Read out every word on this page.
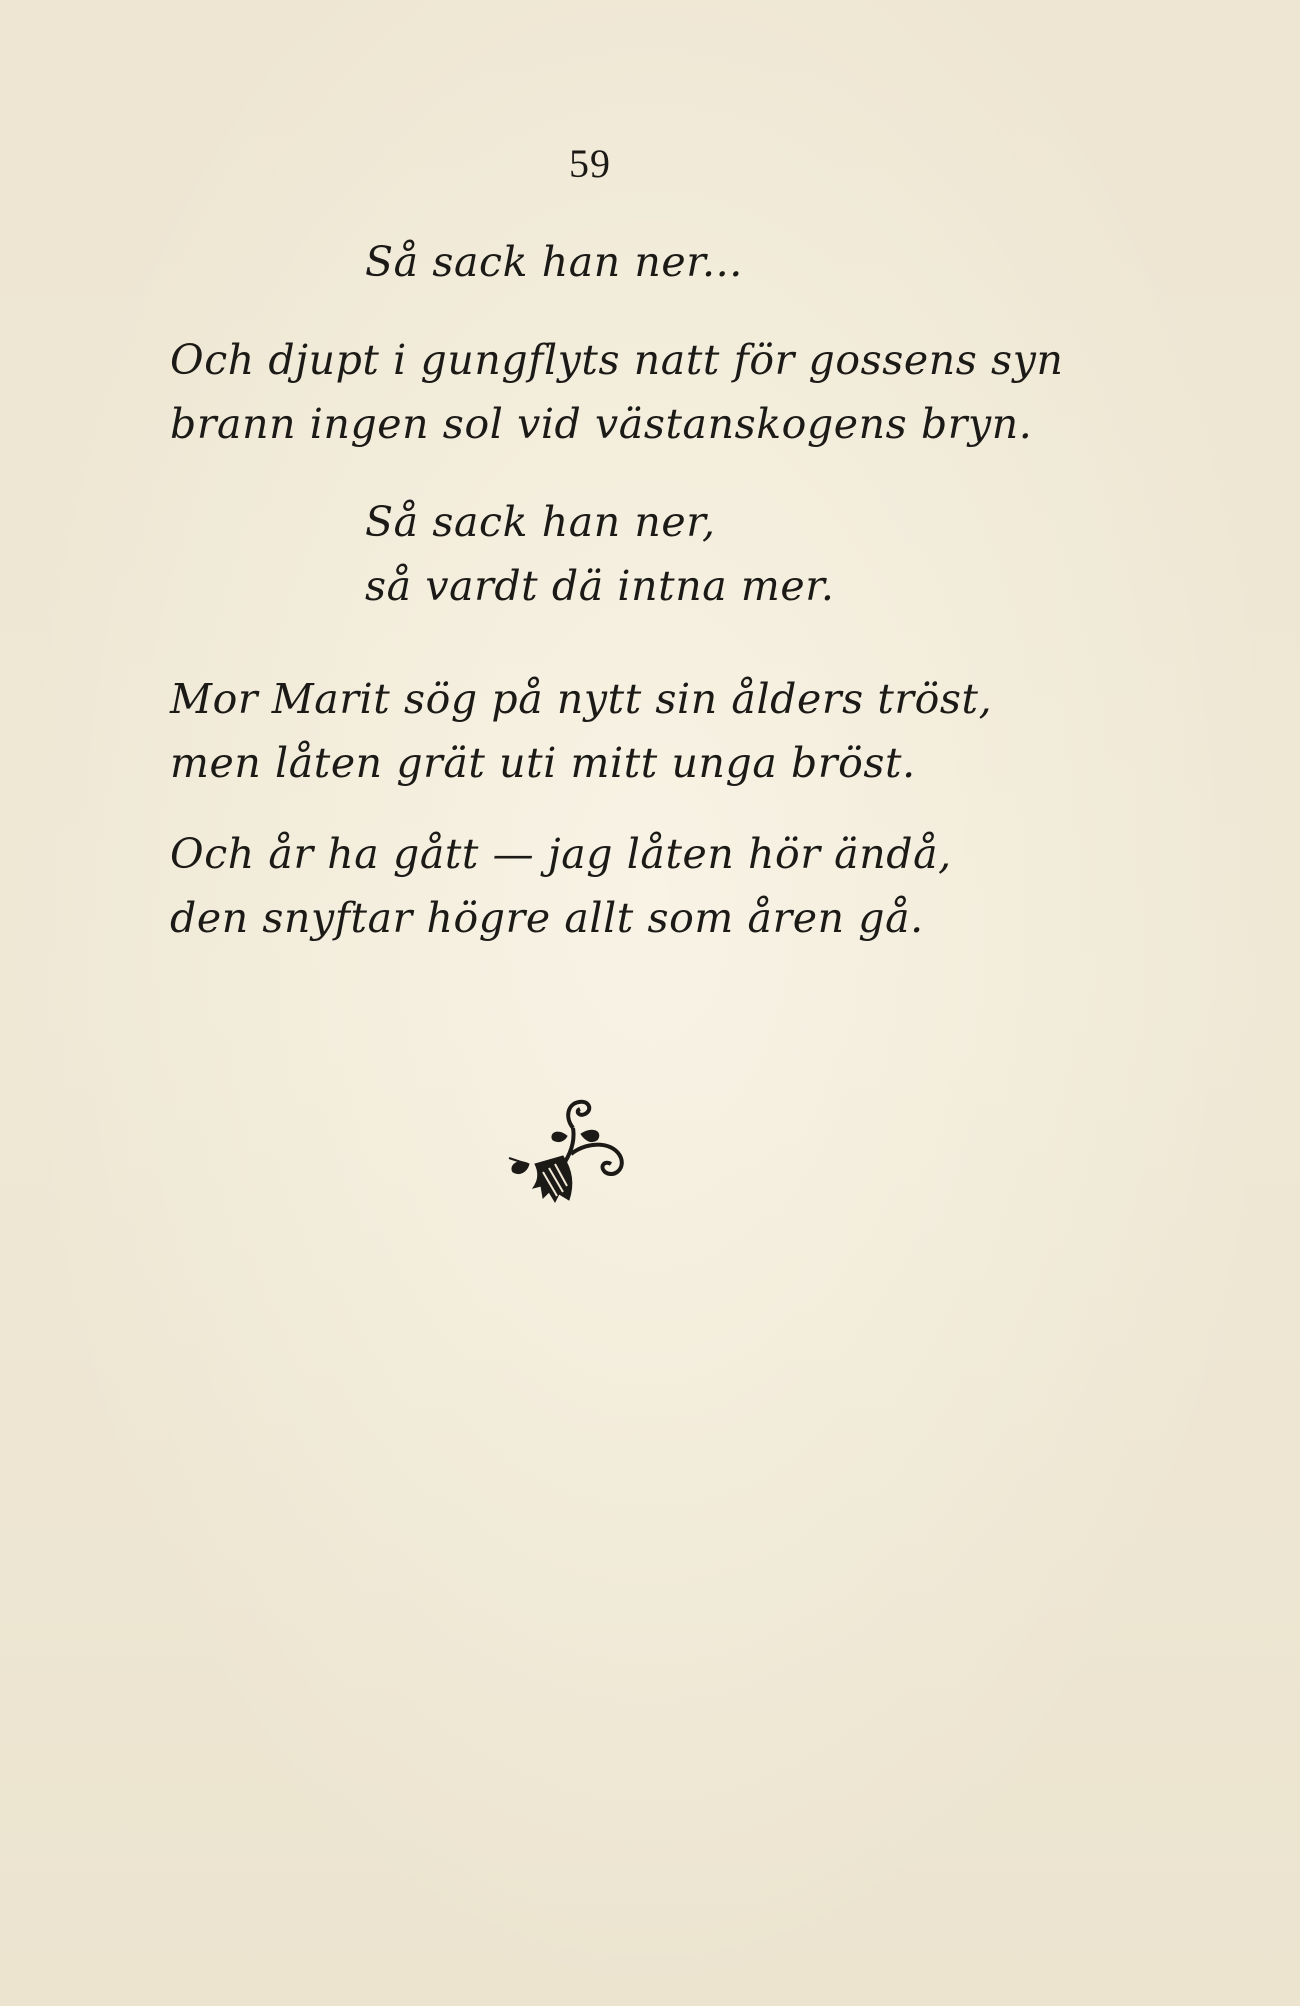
59
Så sack han ner...
Och djupt i gungflyts natt för gossens syn
brann ingen sol vid västanskogens bryn.
Så sack han ner,
så vardt dä intna mer.
Mor Marit sög på nytt sin ålders tröst,
men låten grät uti mitt unga bröst.
Och år ha gått — jag låten hör ändå,
den snyftar högre allt som åren gå.
